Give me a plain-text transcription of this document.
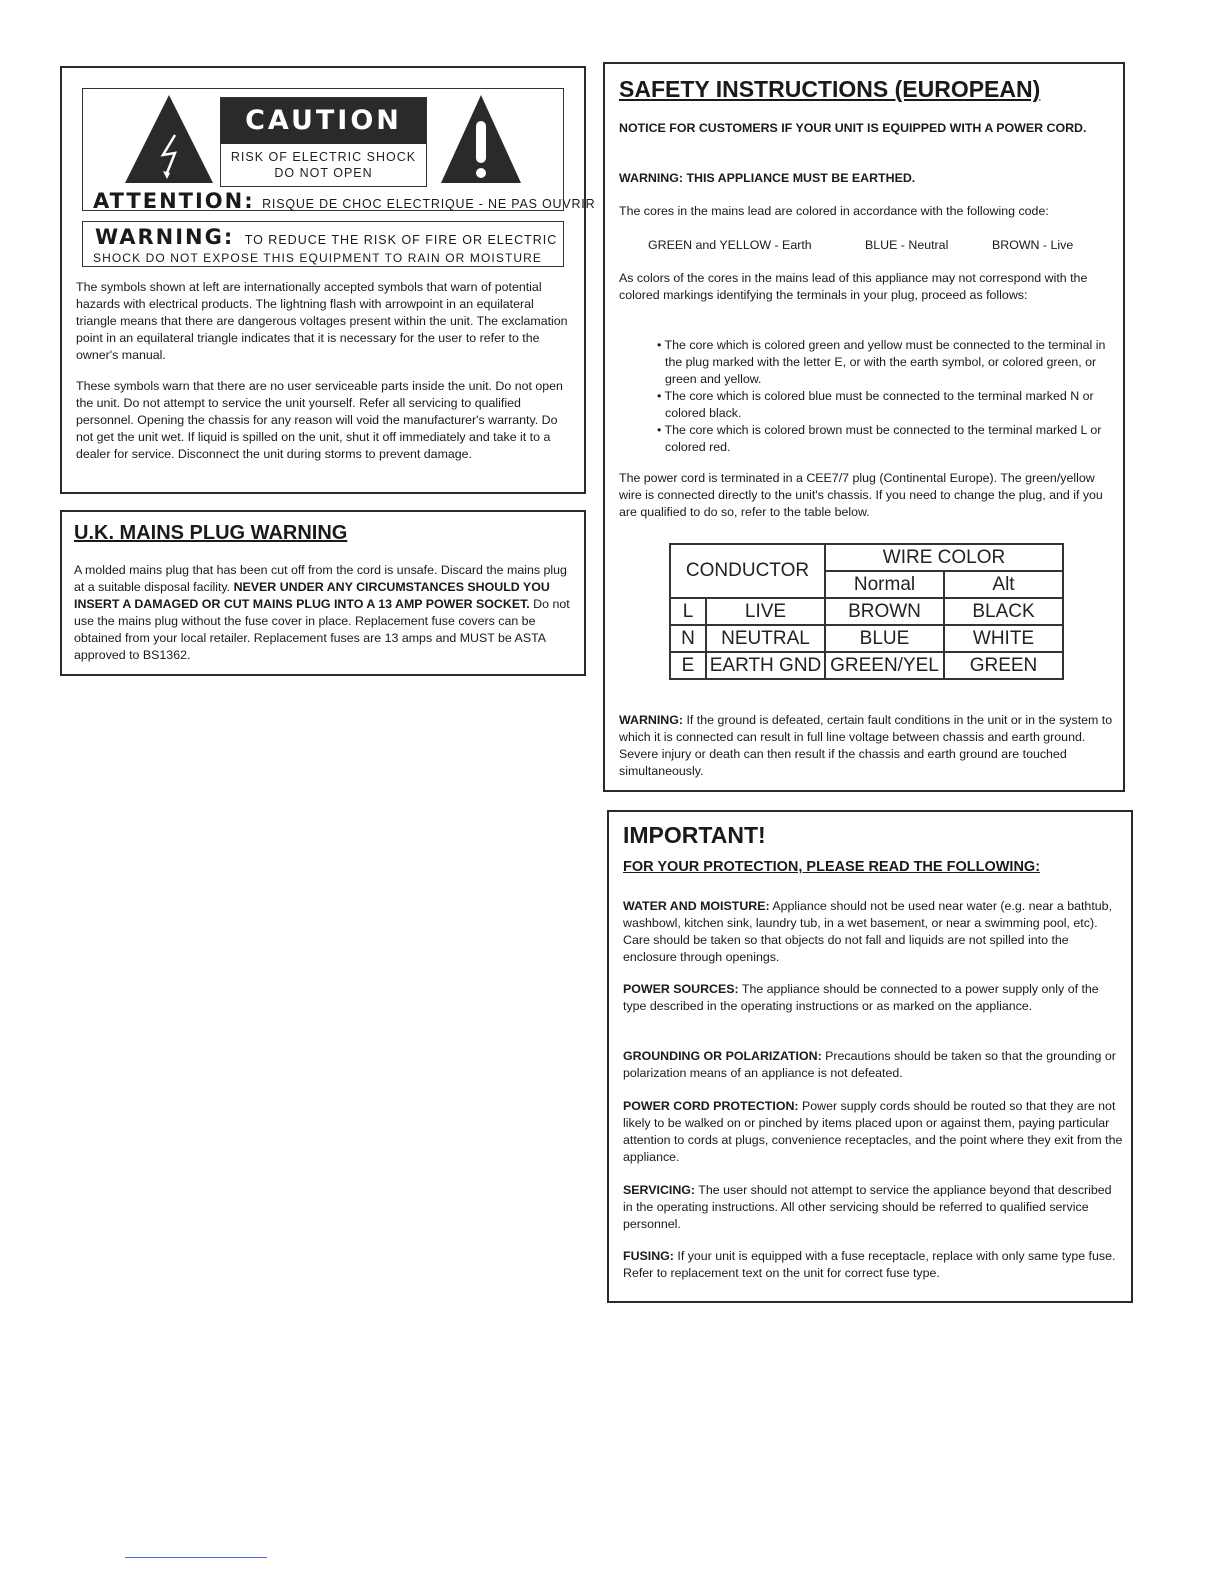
CAUTION
RISK OF ELECTRIC SHOCK
DO NOT OPEN
ATTENTION: RISQUE DE CHOC ELECTRIQUE - NE PAS OUVRIR
WARNING: TO REDUCE THE RISK OF FIRE OR ELECTRIC
SHOCK DO NOT EXPOSE THIS EQUIPMENT TO RAIN OR MOISTURE

The symbols shown at left are internationally accepted symbols that warn of potential hazards with electrical products. The lightning flash with arrowpoint in an equilateral triangle means that there are dangerous voltages present within the unit. The exclamation point in an equilateral triangle indicates that it is necessary for the user to refer to the owner's manual.

These symbols warn that there are no user serviceable parts inside the unit. Do not open the unit. Do not attempt to service the unit yourself. Refer all servicing to qualified personnel. Opening the chassis for any reason will void the manufacturer's warranty. Do not get the unit wet. If liquid is spilled on the unit, shut it off immediately and take it to a dealer for service. Disconnect the unit during storms to prevent damage.

U.K. MAINS PLUG WARNING

A molded mains plug that has been cut off from the cord is unsafe. Discard the mains plug at a suitable disposal facility. NEVER UNDER ANY CIRCUMSTANCES SHOULD YOU INSERT A DAMAGED OR CUT MAINS PLUG INTO A 13 AMP POWER SOCKET. Do not use the mains plug without the fuse cover in place. Replacement fuse covers can be obtained from your local retailer. Replacement fuses are 13 amps and MUST be ASTA approved to BS1362.

SAFETY INSTRUCTIONS (EUROPEAN)
NOTICE FOR CUSTOMERS IF YOUR UNIT IS EQUIPPED WITH A POWER CORD.
WARNING: THIS APPLIANCE MUST BE EARTHED.
The cores in the mains lead are colored in accordance with the following code:
GREEN and YELLOW - Earth	BLUE - Neutral	BROWN - Live

As colors of the cores in the mains lead of this appliance may not correspond with the colored markings identifying the terminals in your plug, proceed as follows:

• The core which is colored green and yellow must be connected to the terminal in the plug marked with the letter E, or with the earth symbol, or colored green, or green and yellow.
• The core which is colored blue must be connected to the terminal marked N or colored black.
• The core which is colored brown must be connected to the terminal marked L or colored red.

The power cord is terminated in a CEE7/7 plug (Continental Europe). The green/yellow wire is connected directly to the unit's chassis. If you need to change the plug, and if you are qualified to do so, refer to the table below.

CONDUCTOR		WIRE COLOR	
		Normal	Alt
L	LIVE	BROWN	BLACK
N	NEUTRAL	BLUE	WHITE
E	EARTH GND	GREEN/YEL	GREEN

WARNING: If the ground is defeated, certain fault conditions in the unit or in the system to which it is connected can result in full line voltage between chassis and earth ground. Severe injury or death can then result if the chassis and earth ground are touched simultaneously.

IMPORTANT!
FOR YOUR PROTECTION, PLEASE READ THE FOLLOWING:

WATER AND MOISTURE: Appliance should not be used near water (e.g. near a bathtub, washbowl, kitchen sink, laundry tub, in a wet basement, or near a swimming pool, etc). Care should be taken so that objects do not fall and liquids are not spilled into the enclosure through openings.

POWER SOURCES: The appliance should be connected to a power supply only of the type described in the operating instructions or as marked on the appliance.

GROUNDING OR POLARIZATION: Precautions should be taken so that the grounding or polarization means of an appliance is not defeated.

POWER CORD PROTECTION: Power supply cords should be routed so that they are not likely to be walked on or pinched by items placed upon or against them, paying particular attention to cords at plugs, convenience receptacles, and the point where they exit from the appliance.

SERVICING: The user should not attempt to service the appliance beyond that described in the operating instructions. All other servicing should be referred to qualified service personnel.

FUSING: If your unit is equipped with a fuse receptacle, replace with only same type fuse. Refer to replacement text on the unit for correct fuse type.
